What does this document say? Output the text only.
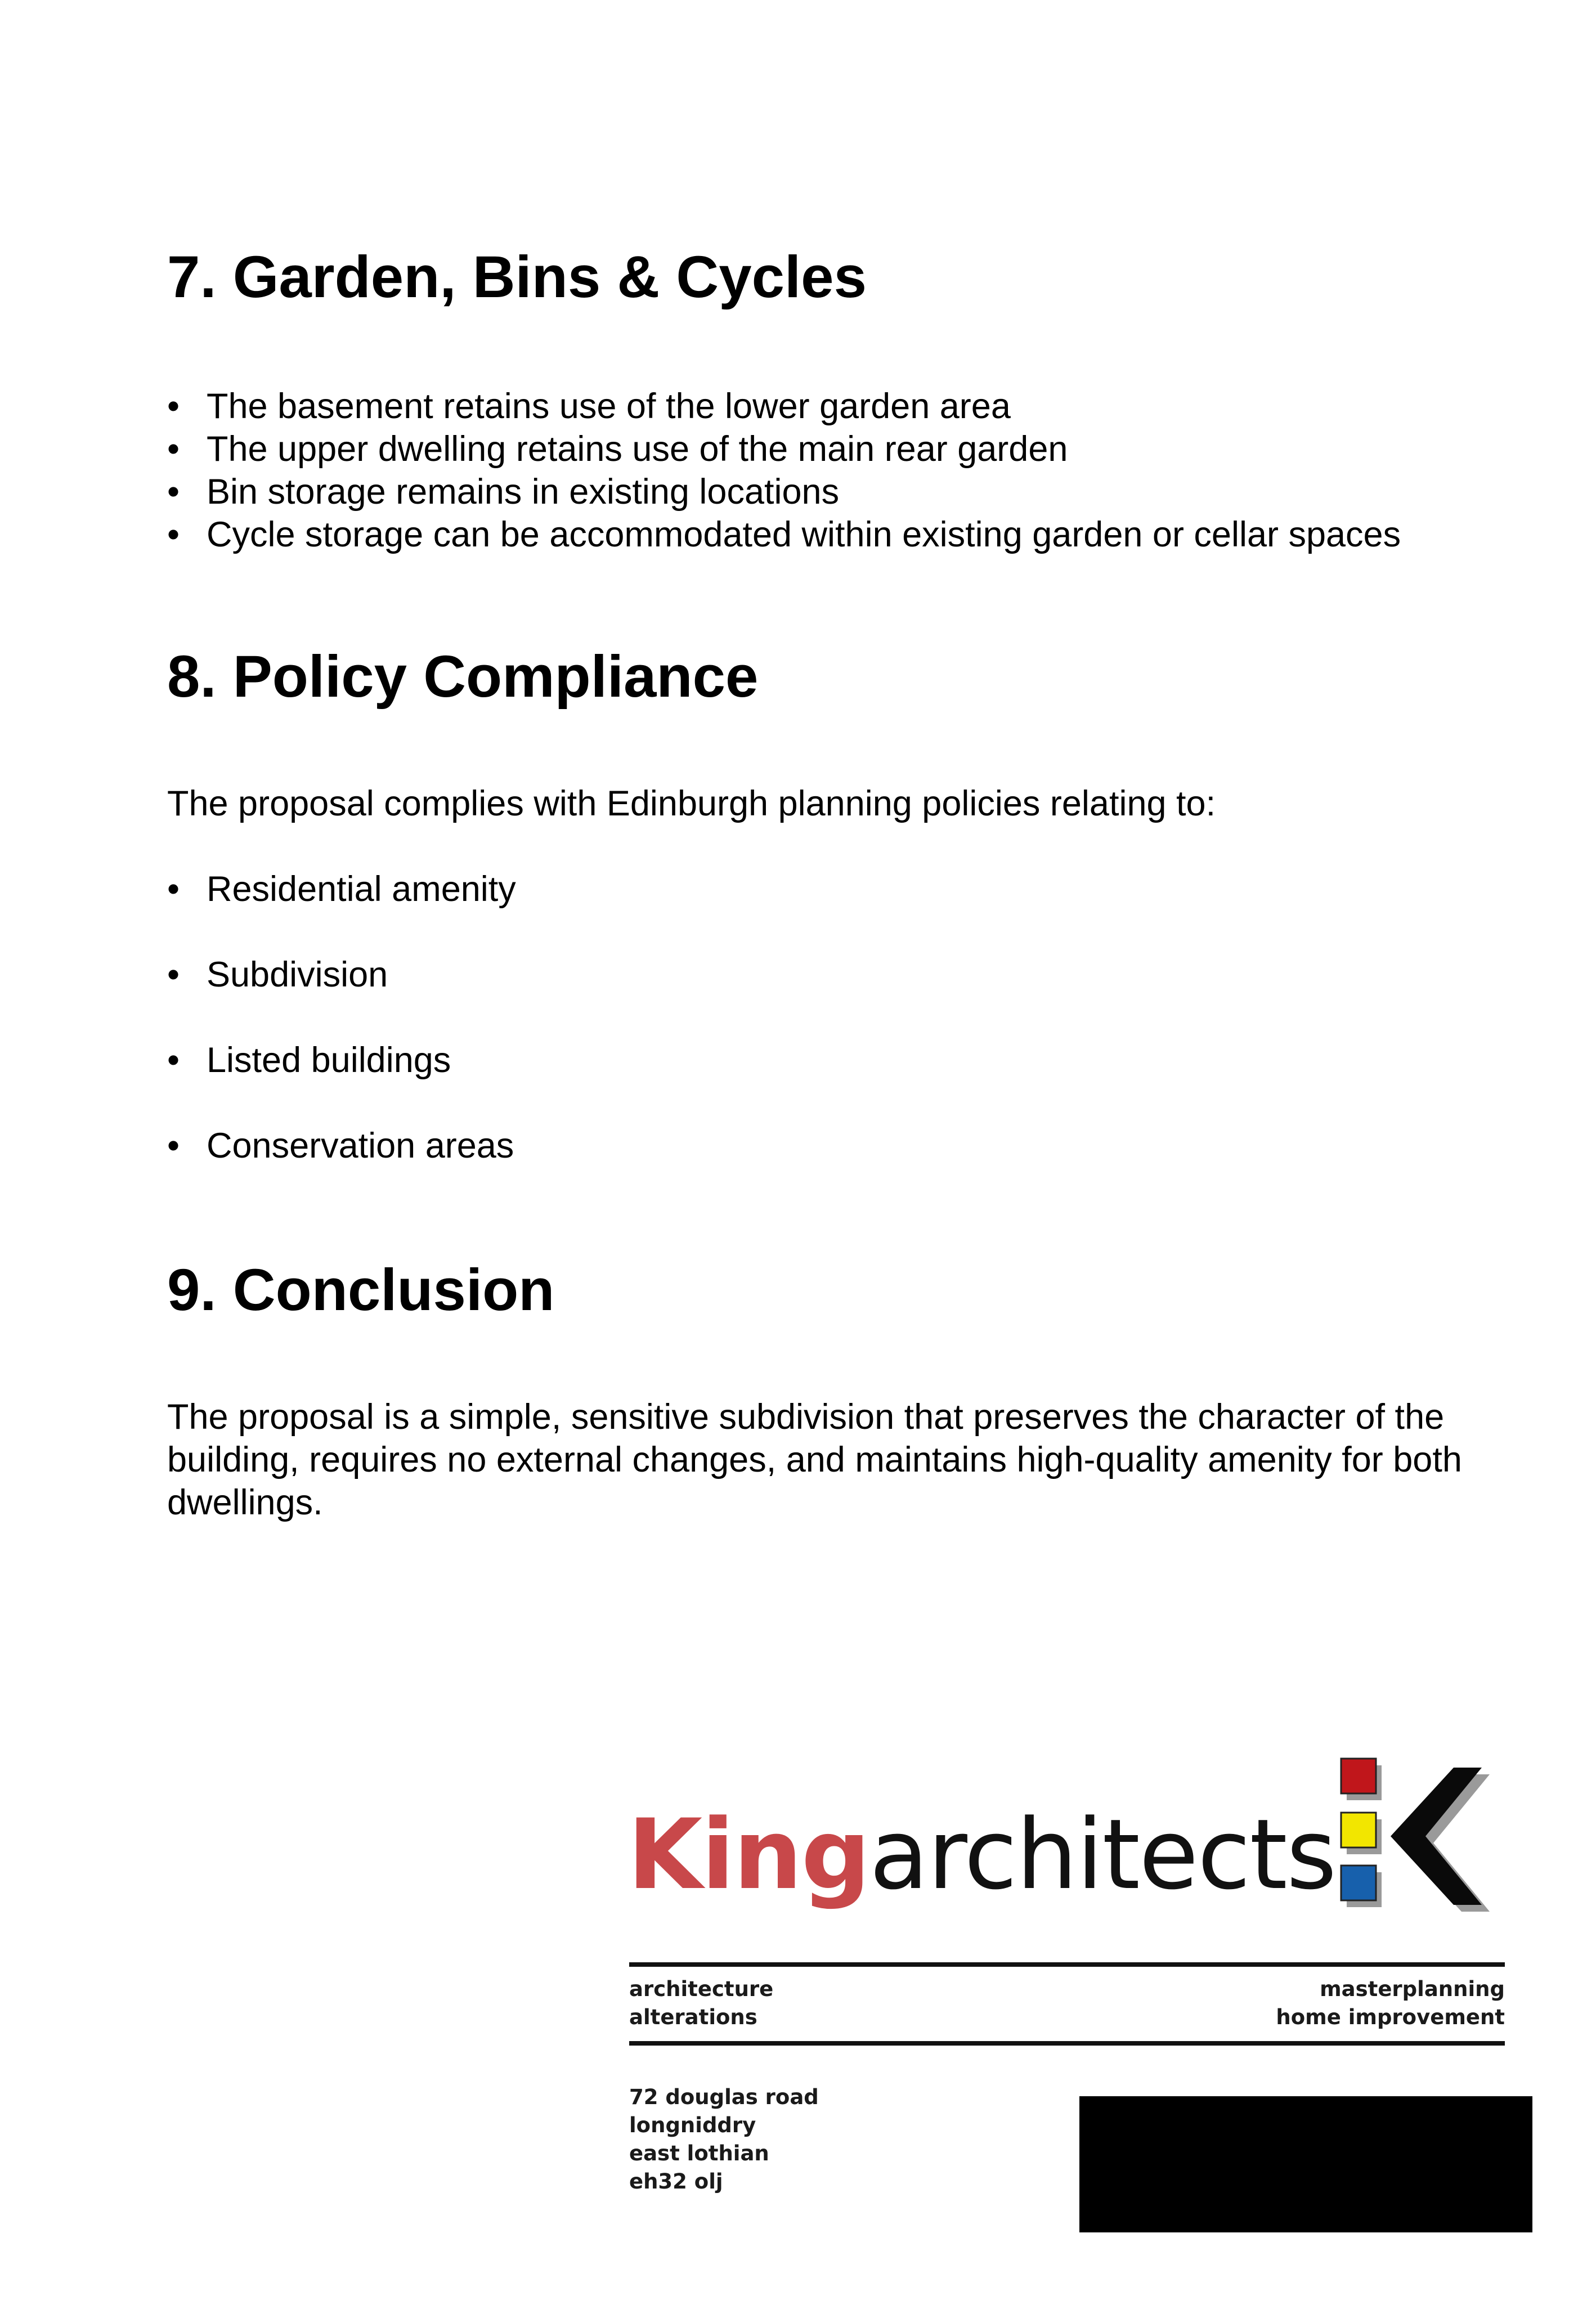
7. Garden, Bins & Cycles
• The basement retains use of the lower garden area
• The upper dwelling retains use of the main rear garden
• Bin storage remains in existing locations
• Cycle storage can be accommodated within existing garden or cellar spaces
8. Policy Compliance

The proposal complies with Edinburgh planning policies relating to:

• Residential amenity
• Subdivision
• Listed buildings
• Conservation areas
9. Conclusion

The proposal is a simple, sensitive subdivision that preserves the character of the building, requires no external changes, and maintains high-quality amenity for both dwellings.

Kingarchitects
architecture
alterations
masterplanning
home improvement
72 douglas road
longniddry
east lothian
eh32 olj
